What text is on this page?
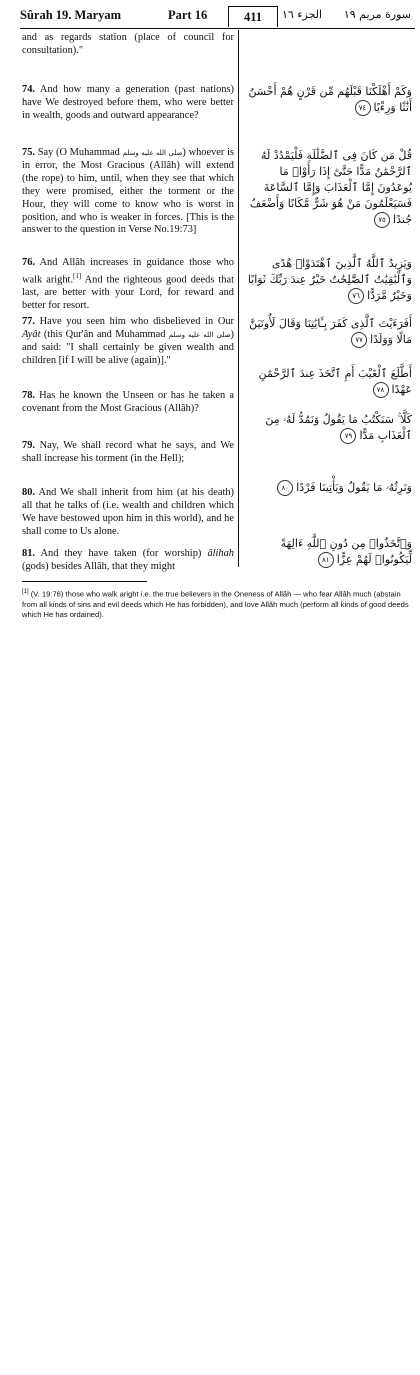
Sûrah 19. Maryam	Part 16	411	الجزء ١٦ سورة مريم ١٩
and as regards station (place of council for consultation)."
74. And how many a generation (past nations) have We destroyed before them, who were better in wealth, goods and outward appearance?
75. Say (O Muhammad صلى الله عليه وسلم) whoever is in error, the Most Gracious (Allâh) will extend (the rope) to him, until, when they see that which they were promised, either the torment or the Hour, they will come to know who is worst in position, and who is weaker in forces. [This is the answer to the question in Verse No.19:73]
76. And Allâh increases in guidance those who walk aright.[1] And the righteous good deeds that last, are better with your Lord, for reward and better for resort.
77. Have you seen him who disbelieved in Our Ayât (this Qur'ân and Muhammad صلى الله عليه وسلم) and said: "I shall certainly be given wealth and children [if I will be alive (again)]."
78. Has he known the Unseen or has he taken a covenant from the Most Gracious (Allâh)?
79. Nay, We shall record what he says, and We shall increase his torment (in the Hell);
80. And We shall inherit from him (at his death) all that he talks of (i.e. wealth and children which We have bestowed upon him in this world), and he shall come to Us alone.
81. And they have taken (for worship) âlihah (gods) besides Allâh, that they might
وَكَمْ أَهْلَكْنَا قَبْلَهُم مِّن قَرْنٍ هُمْ أَحْسَنُ أَثَٰثًا وَرِءْيًا٧٤
قُلْ مَن كَانَ فِى ٱلضَّلَٰلَةِ فَلْيَمْدُدْ لَهُ ٱلرَّحْمَٰنُ مَدًّا حَتَّىٰٓ إِذَا رَأَوْا۟ مَا يُوعَدُونَ إِمَّا ٱلْعَذَابَ وَإِمَّا ٱلسَّاعَةَ فَسَيَعْلَمُونَ مَنْ هُوَ شَرٌّ مَّكَانًا وَأَضْعَفُ جُندًا٧٥
وَيَزِيدُ ٱللَّهُ ٱلَّذِينَ ٱهْتَدَوْا۟ هُدًى وَٱلْبَٰقِيَٰتُ ٱلصَّٰلِحَٰتُ خَيْرٌ عِندَ رَبِّكَ ثَوَابًا وَخَيْرٌ مَّرَدًّا٧٦
أَفَرَءَيْتَ ٱلَّذِى كَفَرَ بِـَٔايَٰتِنَا وَقَالَ لَأُوتَيَنَّ مَالًا وَوَلَدًا٧٧
أَطَّلَعَ ٱلْغَيْبَ أَمِ ٱتَّخَذَ عِندَ ٱلرَّحْمَٰنِ عَهْدًا٧٨
كَلَّا ۚ سَنَكْتُبُ مَا يَقُولُ وَنَمُدُّ لَهُۥ مِنَ ٱلْعَذَابِ مَدًّا٧٩
وَنَرِثُهُۥ مَا يَقُولُ وَيَأْتِينَا فَرْدًا٨٠
وَٱتَّخَذُوا۟ مِن دُونِ ٱللَّهِ ءَالِهَةً لِّيَكُونُوا۟ لَهُمْ عِزًّا٨١
[1] (V. 19:76) those who walk aright i.e. the true believers in the Oneness of Allâh — who fear Allâh much (abstain from all kinds of sins and evil deeds which He has forbidden), and love Allâh much (perform all kinds of good deeds which He has ordained).
